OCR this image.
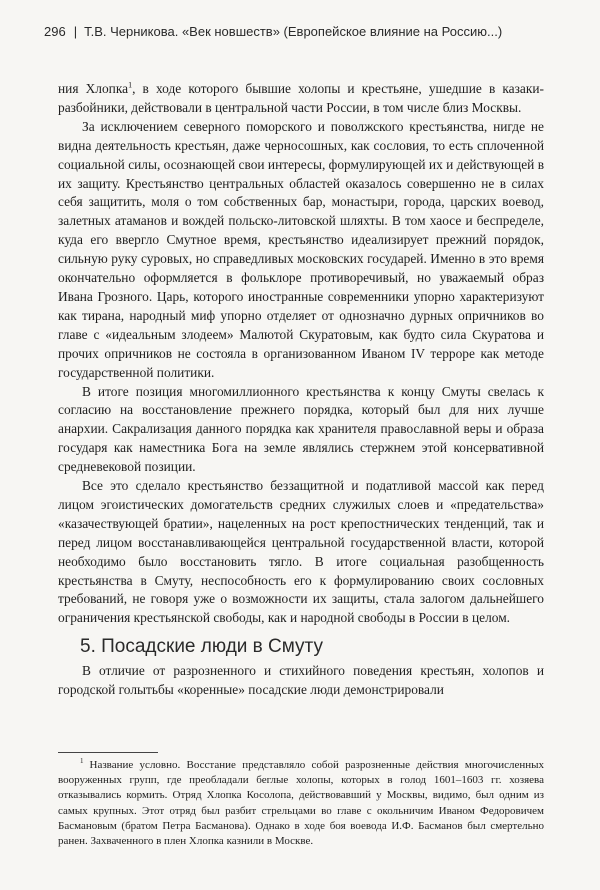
296 | Т.В. Черникова. «Век новшеств» (Европейское влияние на Россию...)

ния Хлопка$^1$, в ходе которого бывшие холопы и крестьяне, ушедшие в казаки-разбойники, действовали в центральной части России, в том числе близ Москвы.

За исключением северного поморского и поволжского крестьянства, нигде не видна деятельность крестьян, даже черносошных, как сословия, то есть сплоченной социальной силы, осознающей свои интересы, формулирующей их и действующей в их защиту. Крестьянство центральных областей оказалось совершенно не в силах себя защитить, моля о том собственных бар, монастыри, города, царских воевод, залетных атаманов и вождей польско-литовской шляхты. В том хаосе и беспределе, куда его ввергло Смутное время, крестьянство идеализирует прежний порядок, сильную руку суровых, но справедливых московских государей. Именно в это время окончательно оформляется в фольклоре противоречивый, но уважаемый образ Ивана Грозного. Царь, которого иностранные современники упорно характеризуют как тирана, народный миф упорно отделяет от однозначно дурных опричников во главе с «идеальным злодеем» Малютой Скуратовым, как будто сила Скуратова и прочих опричников не состояла в организованном Иваном IV терроре как методе государственной политики.

В итоге позиция многомиллионного крестьянства к концу Смуты свелась к согласию на восстановление прежнего порядка, который был для них лучше анархии. Сакрализация данного порядка как хранителя православной веры и образа государя как наместника Бога на земле являлись стержнем этой консервативной средневековой позиции.

Все это сделало крестьянство беззащитной и податливой массой как перед лицом эгоистических домогательств средних служилых слоев и «предательства» «казачествующей братии», нацеленных на рост крепостнических тенденций, так и перед лицом восстанавливающейся центральной государственной власти, которой необходимо было восстановить тягло. В итоге социальная разобщенность крестьянства в Смуту, неспособность его к формулированию своих сословных требований, не говоря уже о возможности их защиты, стала залогом дальнейшего ограничения крестьянской свободы, как и народной свободы в России в целом.

5. Посадские люди в Смуту

В отличие от разрозненного и стихийного поведения крестьян, холопов и городской голытьбы «коренные» посадские люди демонстрировали

$^1$ Название условно. Восстание представляло собой разрозненные действия многочисленных вооруженных групп, где преобладали беглые холопы, которых в голод 1601–1603 гг. хозяева отказывались кормить. Отряд Хлопка Косолопа, действовавший у Москвы, видимо, был одним из самых крупных. Этот отряд был разбит стрельцами во главе с окольничим Иваном Федоровичем Басмановым (братом Петра Басманова). Однако в ходе боя воевода И.Ф. Басманов был смертельно ранен. Захваченного в плен Хлопка казнили в Москве.
